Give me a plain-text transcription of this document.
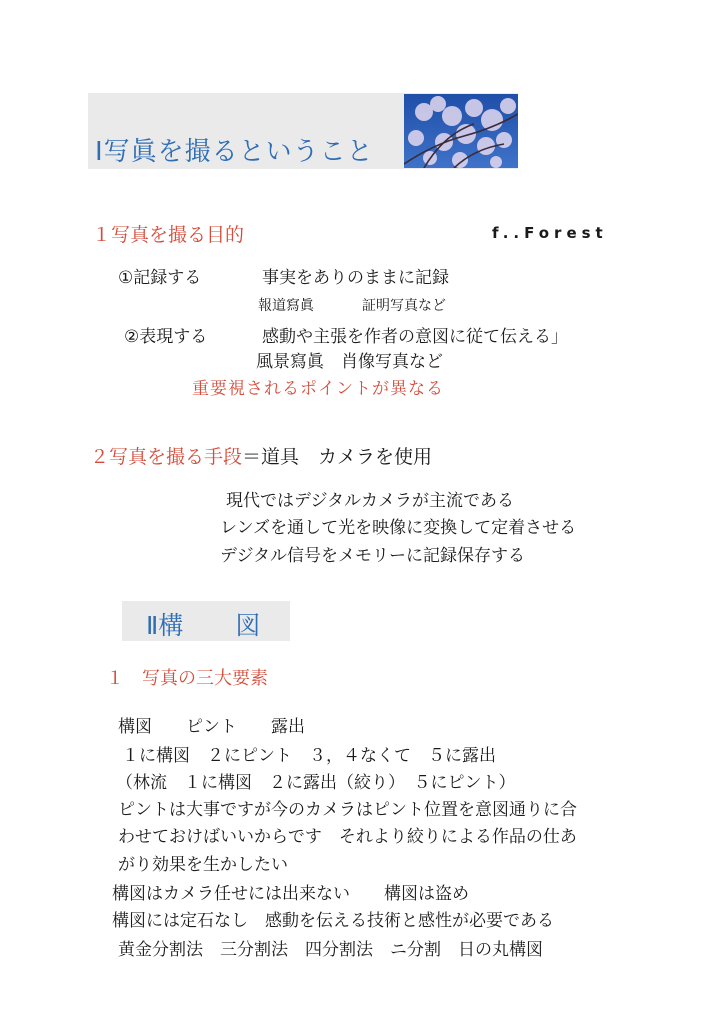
Ⅰ写眞を撮るということ
１写真を撮る目的	f..Forest
①記録する	事実をありのままに記録
報道寫眞	証明写真など
②表現する	感動や主張を作者の意図に従て伝える」
風景寫眞　肖像写真など
重要視されるポイントが異なる
２写真を撮る手段＝道具　カメラを使用
現代ではデジタルカメラが主流である
レンズを通して光を映像に変換して定着させる
デジタル信号をメモリーに記録保存する
Ⅱ構 図
１　写真の三大要素
構図　　ピント　　露出
１に構図　２にピント　３，４なくて　５に露出
（林流　１に構図　２に露出（絞り）　５にピント）
ピントは大事ですが今のカメラはピント位置を意図通りに合
わせておけばいいからです　それより絞りによる作品の仕あ
がり効果を生かしたい
構図はカメラ任せには出来ない　　構図は盗め
構図には定石なし　感動を伝える技術と感性が必要である
黄金分割法　三分割法　四分割法　ニ分割　日の丸構図
